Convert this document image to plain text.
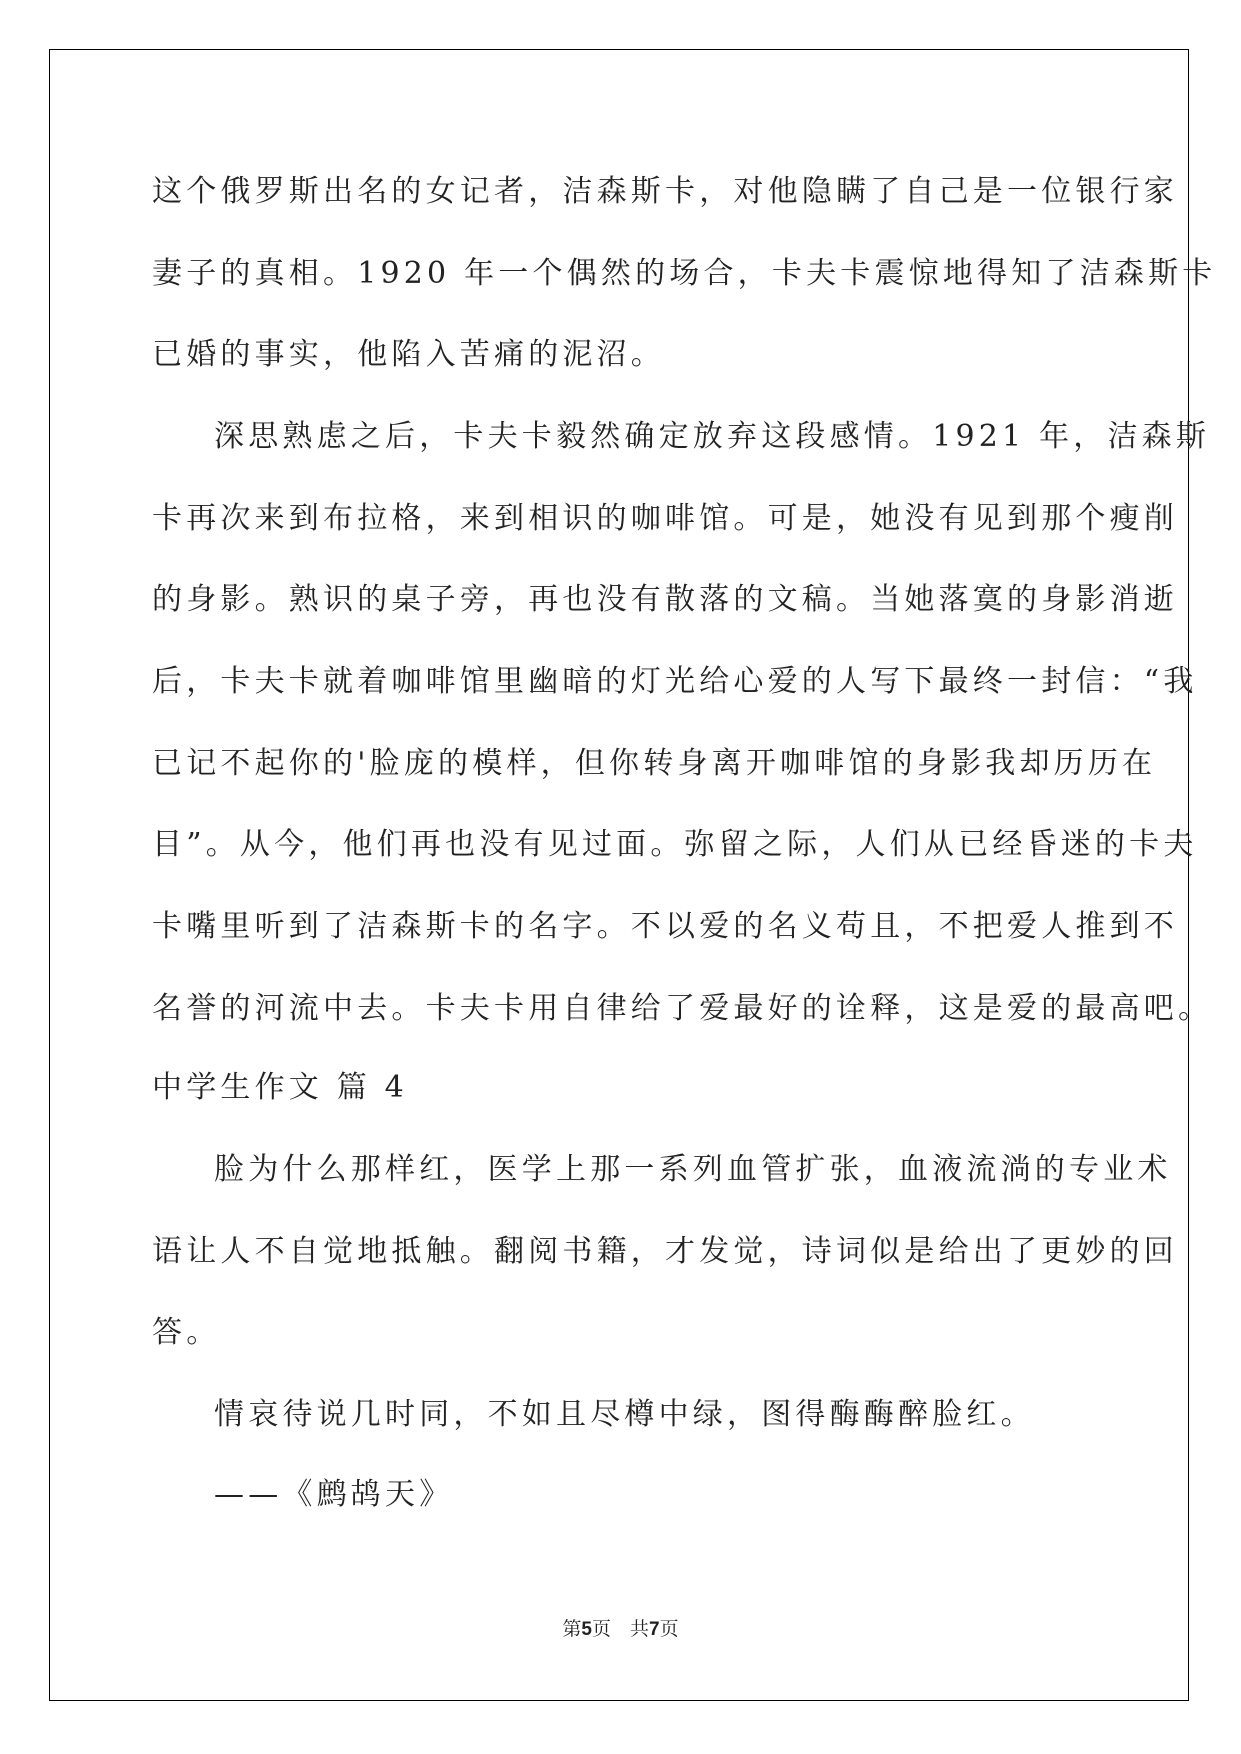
这个俄罗斯出名的女记者，洁森斯卡，对他隐瞒了自己是一位银行家
妻子的真相。1920 年一个偶然的场合，卡夫卡震惊地得知了洁森斯卡
已婚的事实，他陷入苦痛的泥沼。
深思熟虑之后，卡夫卡毅然确定放弃这段感情。1921 年，洁森斯
卡再次来到布拉格，来到相识的咖啡馆。可是，她没有见到那个瘦削
的身影。熟识的桌子旁，再也没有散落的文稿。当她落寞的身影消逝
后，卡夫卡就着咖啡馆里幽暗的灯光给心爱的人写下最终一封信：“我
已记不起你的'脸庞的模样，但你转身离开咖啡馆的身影我却历历在
目”。从今，他们再也没有见过面。弥留之际，人们从已经昏迷的卡夫
卡嘴里听到了洁森斯卡的名字。不以爱的名义苟且，不把爱人推到不
名誉的河流中去。卡夫卡用自律给了爱最好的诠释，这是爱的最高吧。
中学生作文 篇 4
脸为什么那样红，医学上那一系列血管扩张，血液流淌的专业术
语让人不自觉地抵触。翻阅书籍，才发觉，诗词似是给出了更妙的回
答。
情哀待说几时同，不如且尽樽中绿，图得酶酶醉脸红。
——《鹧鸪天》
第5页　共7页
